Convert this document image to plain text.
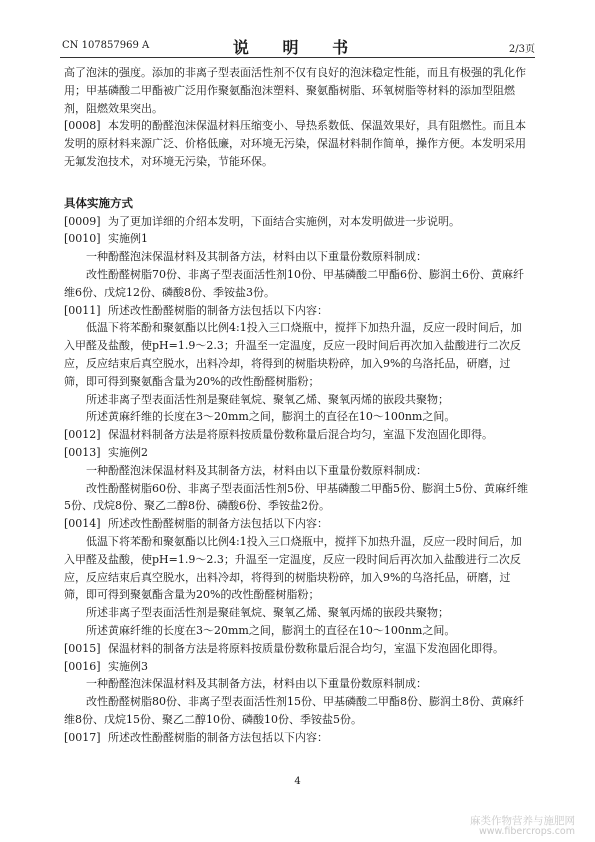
CN 107857969 A	说 明 书	2/3页

高了泡沫的强度。添加的非离子型表面活性剂不仅有良好的泡沫稳定性能，而且有极强的乳化作用；甲基磷酸二甲酯被广泛用作聚氨酯泡沫塑料、聚氨酯树脂、环氧树脂等材料的添加型阻燃剂，阻燃效果突出。

[0008] 本发明的酚醛泡沫保温材料压缩变小、导热系数低、保温效果好，具有阻燃性。而且本发明的原材料来源广泛、价格低廉，对环境无污染，保温材料制作简单，操作方便。本发明采用无氟发泡技术，对环境无污染，节能环保。

具体实施方式

[0009] 为了更加详细的介绍本发明，下面结合实施例，对本发明做进一步说明。

[0010] 实施例1

一种酚醛泡沫保温材料及其制备方法，材料由以下重量份数原料制成：

改性酚醛树脂70份、非离子型表面活性剂10份、甲基磷酸二甲酯6份、膨润土6份、黄麻纤维6份、戊烷12份、磷酸8份、季铵盐3份。

[0011] 所述改性酚醛树脂的制备方法包括以下内容：

低温下将苯酚和聚氨酯以比例4:1投入三口烧瓶中，搅拌下加热升温，反应一段时间后，加入甲醛及盐酸，使pH=1.9～2.3；升温至一定温度，反应一段时间后再次加入盐酸进行二次反应，反应结束后真空脱水，出料冷却，将得到的树脂块粉碎，加入9%的乌洛托品，研磨，过筛，即可得到聚氨酯含量为20%的改性酚醛树脂粉；

所述非离子型表面活性剂是聚硅氧烷、聚氧乙烯、聚氧丙烯的嵌段共聚物；

所述黄麻纤维的长度在3～20mm之间，膨润土的直径在10～100nm之间。

[0012] 保温材料制备方法是将原料按质量份数称量后混合均匀，室温下发泡固化即得。

[0013] 实施例2

一种酚醛泡沫保温材料及其制备方法，材料由以下重量份数原料制成：

改性酚醛树脂60份、非离子型表面活性剂5份、甲基磷酸二甲酯5份、膨润土5份、黄麻纤维5份、戊烷8份、聚乙二醇8份、磷酸6份、季铵盐2份。

[0014] 所述改性酚醛树脂的制备方法包括以下内容：

低温下将苯酚和聚氨酯以比例4:1投入三口烧瓶中，搅拌下加热升温，反应一段时间后，加入甲醛及盐酸，使pH=1.9～2.3；升温至一定温度，反应一段时间后再次加入盐酸进行二次反应，反应结束后真空脱水，出料冷却，将得到的树脂块粉碎，加入9%的乌洛托品，研磨，过筛，即可得到聚氨酯含量为20%的改性酚醛树脂粉；

所述非离子型表面活性剂是聚硅氧烷、聚氧乙烯、聚氧丙烯的嵌段共聚物；

所述黄麻纤维的长度在3～20mm之间，膨润土的直径在10～100nm之间。

[0015] 保温材料的制备方法是将原料按质量份数称量后混合均匀，室温下发泡固化即得。

[0016] 实施例3

一种酚醛泡沫保温材料及其制备方法，材料由以下重量份数原料制成：

改性酚醛树脂80份、非离子型表面活性剂15份、甲基磷酸二甲酯8份、膨润土8份、黄麻纤维8份、戊烷15份、聚乙二醇10份、磷酸10份、季铵盐5份。

[0017] 所述改性酚醛树脂的制备方法包括以下内容：

4
麻类作物营养与施肥网
www.fibercrops.com
